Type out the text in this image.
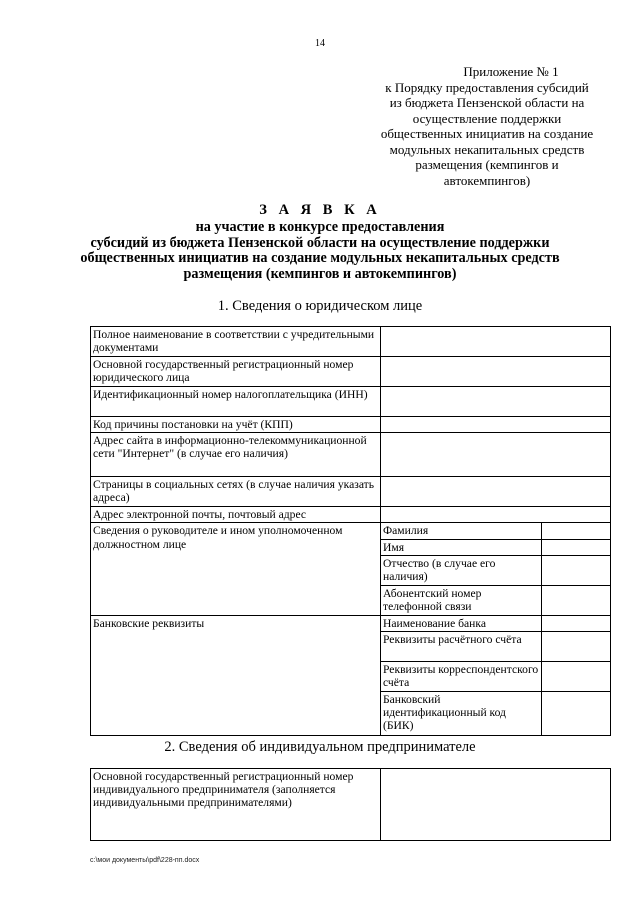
14
Приложение № 1
к Порядку предоставления субсидий
из бюджета Пензенской области на
осуществление поддержки
общественных инициатив на создание
модульных некапитальных средств
размещения (кемпингов и
автокемпингов)
З А Я В К А
на участие в конкурсе предоставления
субсидий из бюджета Пензенской области на осуществление поддержки
общественных инициатив на создание модульных некапитальных средств
размещения (кемпингов и автокемпингов)
1. Сведения о юридическом лице
Полное наименование в соответствии с учредительными документами		
Основной государственный регистрационный номер юридического лица		
Идентификационный номер налогоплательщика (ИНН)		
Код причины постановки на учёт (КПП)		
Адрес сайта в информационно-телекоммуникационной сети "Интернет" (в случае его наличия)		
Страницы в социальных сетях (в случае наличия указать адреса)		
Адрес электронной почты, почтовый адрес		
Сведения о руководителе и ином уполномоченном должностном лице	Фамилия	
	Имя	
	Отчество (в случае его наличия)	
	Абонентский номер телефонной связи	
Банковские реквизиты	Наименование банка	
	Реквизиты расчётного счёта	
	Реквизиты корреспондентского счёта	
	Банковский идентификационный код (БИК)	
2. Сведения об индивидуальном предпринимателе
Основной государственный регистрационный номер индивидуального предпринимателя (заполняется индивидуальными предпринимателями)	
c:\мои документы\pdf\228-пп.docx
